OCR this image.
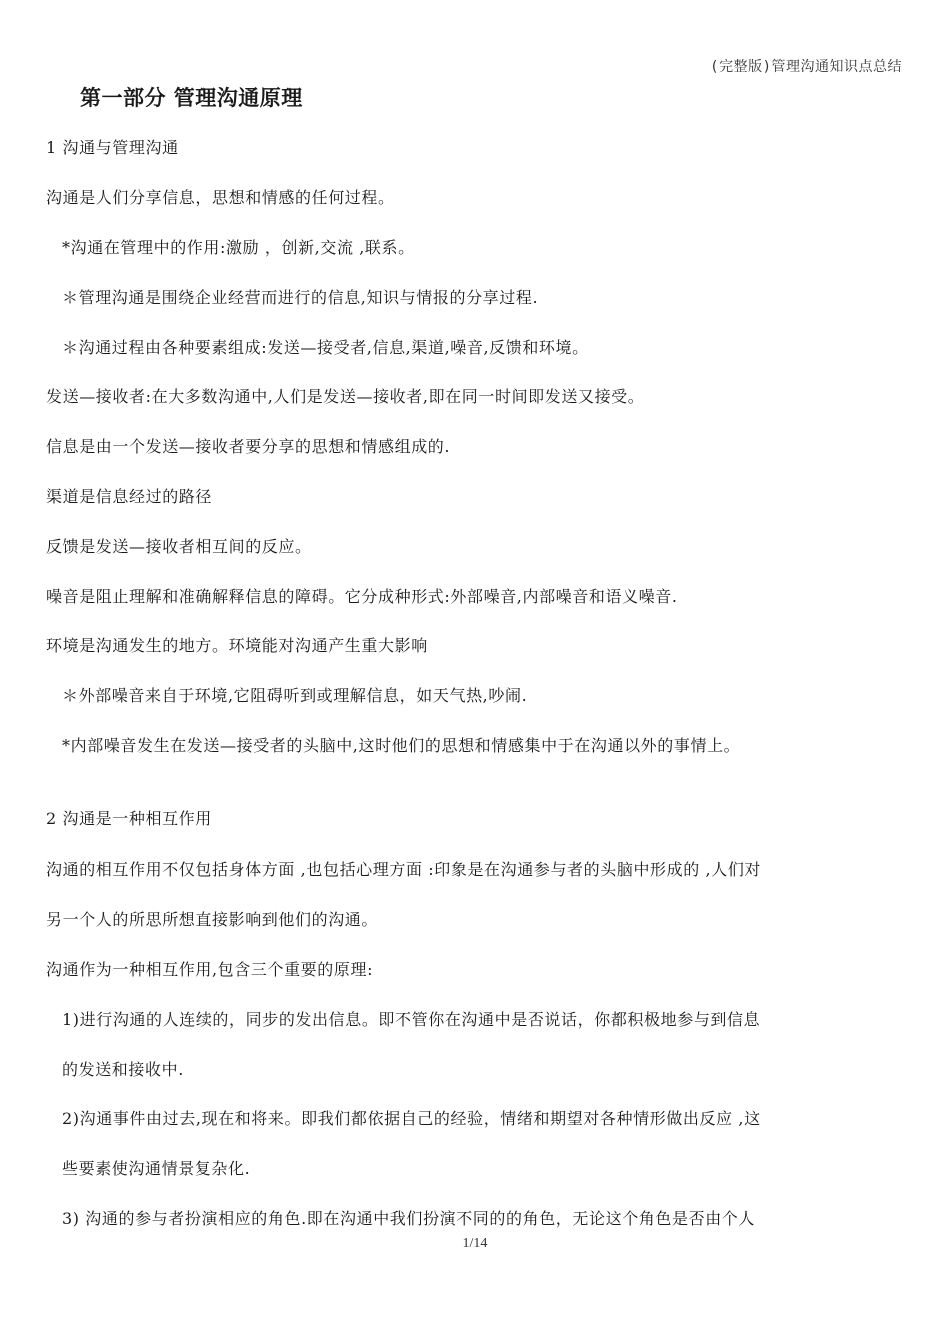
(完整版)管理沟通知识点总结
第一部分 管理沟通原理
1 沟通与管理沟通
沟通是人们分享信息，思想和情感的任何过程。
*沟通在管理中的作用:激励 ，创新,交流 ,联系。
＊管理沟通是围绕企业经营而进行的信息,知识与情报的分享过程.
＊沟通过程由各种要素组成:发送—接受者,信息,渠道,噪音,反馈和环境。
发送—接收者:在大多数沟通中,人们是发送—接收者,即在同一时间即发送又接受。
信息是由一个发送—接收者要分享的思想和情感组成的.
渠道是信息经过的路径
反馈是发送—接收者相互间的反应。
噪音是阻止理解和准确解释信息的障碍。它分成种形式:外部噪音,内部噪音和语义噪音.
环境是沟通发生的地方。环境能对沟通产生重大影响
＊外部噪音来自于环境,它阻碍听到或理解信息，如天气热,吵闹.
*内部噪音发生在发送—接受者的头脑中,这时他们的思想和情感集中于在沟通以外的事情上。
2 沟通是一种相互作用
沟通的相互作用不仅包括身体方面 ,也包括心理方面 :印象是在沟通参与者的头脑中形成的 ,人们对
另一个人的所思所想直接影响到他们的沟通。
沟通作为一种相互作用,包含三个重要的原理:
1)进行沟通的人连续的，同步的发出信息。即不管你在沟通中是否说话，你都积极地参与到信息
的发送和接收中.
2)沟通事件由过去,现在和将来。即我们都依据自己的经验，情绪和期望对各种情形做出反应 ,这
些要素使沟通情景复杂化.
3) 沟通的参与者扮演相应的角色.即在沟通中我们扮演不同的的角色，无论这个角色是否由个人
1/14
